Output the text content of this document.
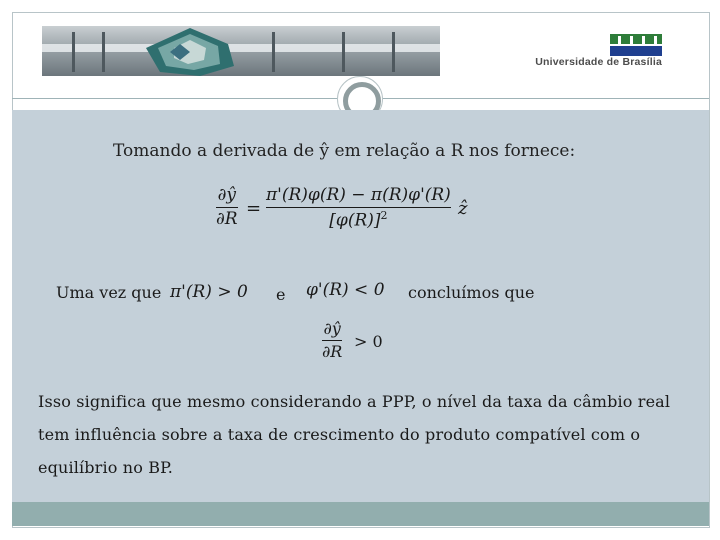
Universidade de Brasília
Tomando a derivada de ŷ em relação a R nos fornece:
∂ŷ
∂R =
π'(R)φ(R) − π(R)φ'(R)
$[\varphi(R)]^2$	ẑ
Uma vez que π'(R) > 0 e φ'(R) < 0 concluímos que
∂ŷ
∂R
> 0
Isso significa que mesmo considerando a PPP, o nível da taxa da câmbio real tem influência sobre a taxa de crescimento do produto compatível com o equilíbrio no BP.
